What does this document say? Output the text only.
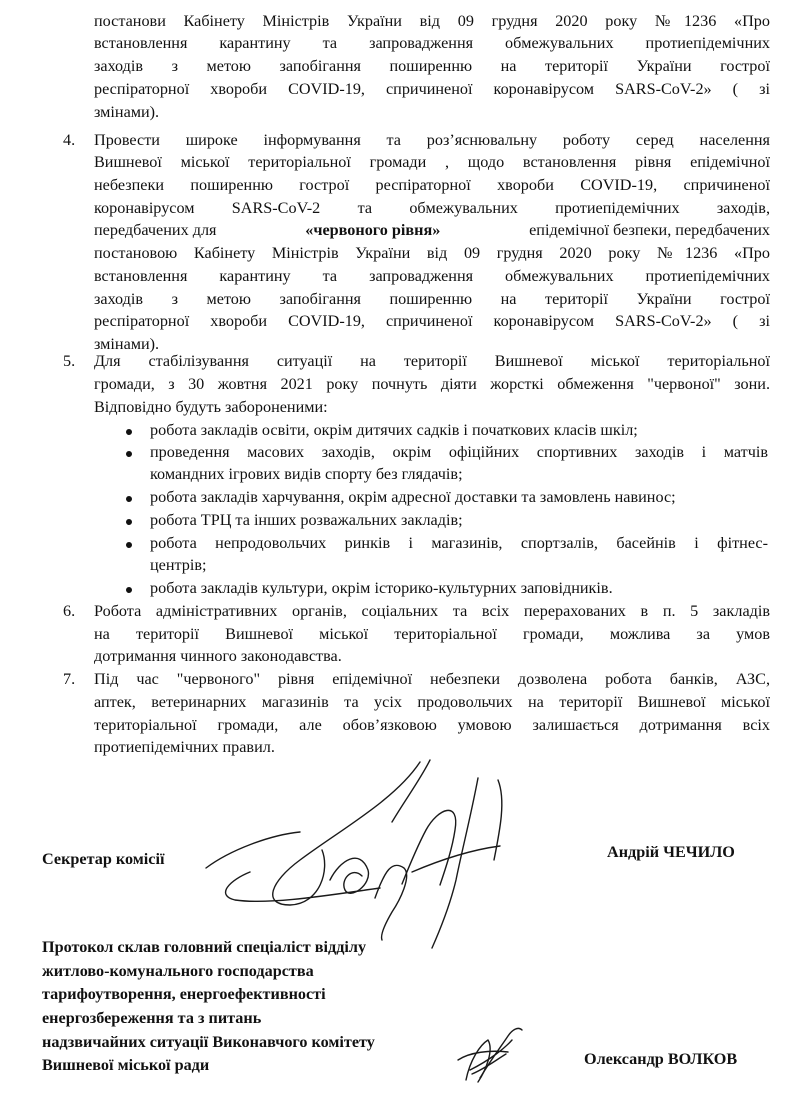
постанови Кабінету Міністрів України від 09 грудня 2020 року №1236 «Про
встановлення карантину та запровадження обмежувальних протиепідемічних
заходів з метою запобігання поширенню на території України гострої
респіраторної хвороби COVID-19, спричиненої коронавірусом SARS-CoV-2» ( зі
змінами).
4. Провести широке інформування та роз’яснювальну роботу серед населення
Вишневої міської територіальної громади , щодо встановлення рівня епідемічної
небезпеки поширенню гострої респіраторної хвороби COVID-19, спричиненої
коронавірусом SARS-CoV-2 та обмежувальних протиепідемічних заходів,
передбачених для	«червоного рівня»	епідемічної безпеки, передбачених
постановою Кабінету Міністрів України від 09 грудня 2020 року №1236 «Про
встановлення карантину та запровадження обмежувальних протиепідемічних
заходів з метою запобігання поширенню на території України гострої
респіраторної хвороби COVID-19, спричиненої коронавірусом SARS-CoV-2» ( зі
змінами).
5. Для стабілізування ситуації на території Вишневої міської територіальної
громади, з 30 жовтня 2021 року почнуть діяти жорсткі обмеження "червоної" зони.
Відповідно будуть забороненими:
робота закладів освіти, окрім дитячих садків і початкових класів шкіл;
проведення масових заходів, окрім офіційних спортивних заходів і матчів
командних ігрових видів спорту без глядачів;
робота закладів харчування, окрім адресної доставки та замовлень навинос;
робота ТРЦ та інших розважальних закладів;
робота непродовольчих ринків і магазинів, спортзалів, басейнів і фітнес-
центрів;
робота закладів культури, окрім історико-культурних заповідників.
6. Робота адміністративних органів, соціальних та всіх перерахованих в п. 5 закладів
на території Вишневої міської територіальної громади, можлива за умов
дотримання чинного законодавства.
7. Під час "червоного" рівня епідемічної небезпеки дозволена робота банків, АЗС,
аптек, ветеринарних магазинів та усіх продовольчих на території Вишневої міської
територіальної громади, але обов’язковою умовою залишається дотримання всіх
протиепідемічних правил.
Секретар комісії	Андрій ЧЕЧИЛО
Протокол склав головний спеціаліст відділу
житлово-комунального господарства
тарифоутворення, енергоефективності
енергозбереження та з питань
надзвичайних ситуації Виконавчого комітету
Вишневої міської ради	Олександр ВОЛКОВ
